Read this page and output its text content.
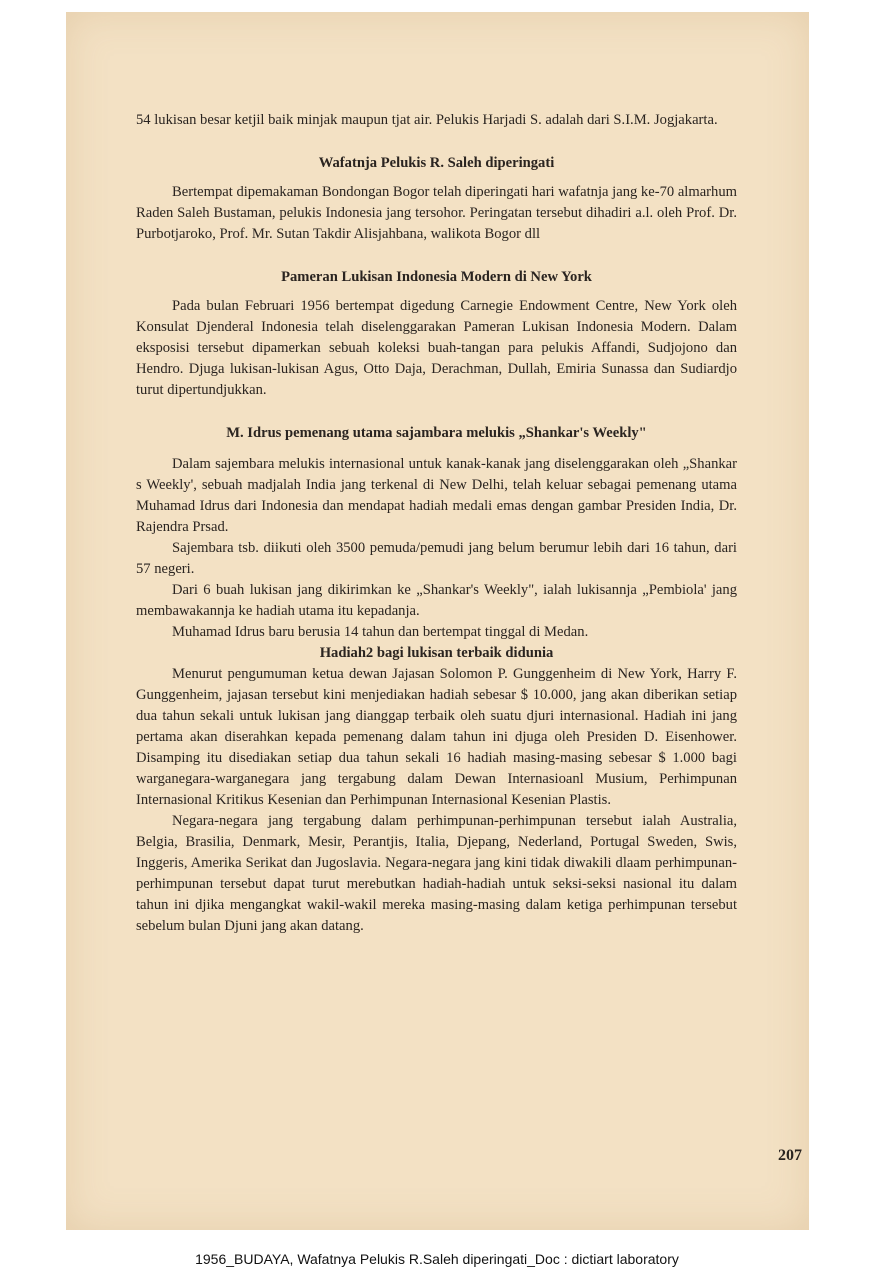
54 lukisan besar ketjil baik minjak maupun tjat air. Pelukis Harjadi S. adalah dari S.I.M. Jogjakarta.

Wafatnja Pelukis R. Saleh diperingati

Bertempat dipemakaman Bondongan Bogor telah diperingati hari wafatnja jang ke-70 almarhum Raden Saleh Bustaman, pelukis Indonesia jang tersohor. Peringatan tersebut dihadiri a.l. oleh Prof. Dr. Purbotjaroko, Prof. Mr. Sutan Takdir Alisjahbana, walikota Bogor dll

Pameran Lukisan Indonesia Modern di New York

Pada bulan Februari 1956 bertempat digedung Carnegie Endowment Centre, New York oleh Konsulat Djenderal Indonesia telah diselenggarakan Pameran Lukisan Indonesia Modern. Dalam eksposisi tersebut dipamerkan sebuah koleksi buah-tangan para pelukis Affandi, Sudjojono dan Hendro. Djuga lukisan-lukisan Agus, Otto Daja, Derachman, Dullah, Emiria Sunassa dan Sudiardjo turut dipertundjukkan.

M. Idrus pemenang utama sajambara melukis „Shankar's Weekly"

Dalam sajembara melukis internasional untuk kanak-kanak jang diselenggarakan oleh „Shankar s Weekly', sebuah madjalah India jang terkenal di New Delhi, telah keluar sebagai pemenang utama Muhamad Idrus dari Indonesia dan mendapat hadiah medali emas dengan gambar Presiden India, Dr. Rajendra Prsad.

Sajembara tsb. diikuti oleh 3500 pemuda/pemudi jang belum berumur lebih dari 16 tahun, dari 57 negeri.

Dari 6 buah lukisan jang dikirimkan ke „Shankar's Weekly", ialah lukisannja „Pembiola' jang membawakannja ke hadiah utama itu kepadanja.

Muhamad Idrus baru berusia 14 tahun dan bertempat tinggal di Medan.

Hadiah2 bagi lukisan terbaik didunia

Menurut pengumuman ketua dewan Jajasan Solomon P. Gunggenheim di New York, Harry F. Gunggenheim, jajasan tersebut kini menjediakan hadiah sebesar $ 10.000, jang akan diberikan setiap dua tahun sekali untuk lukisan jang dianggap terbaik oleh suatu djuri internasional. Hadiah ini jang pertama akan diserahkan kepada pemenang dalam tahun ini djuga oleh Presiden D. Eisenhower. Disamping itu disediakan setiap dua tahun sekali 16 hadiah masing-masing sebesar $ 1.000 bagi warganegara-warganegara jang tergabung dalam Dewan Internasioanl Musium, Perhimpunan Internasional Kritikus Kesenian dan Perhimpunan Internasional Kesenian Plastis.

Negara-negara jang tergabung dalam perhimpunan-perhimpunan tersebut ialah Australia, Belgia, Brasilia, Denmark, Mesir, Perantjis, Italia, Djepang, Nederland, Portugal Sweden, Swis, Inggeris, Amerika Serikat dan Jugoslavia. Negara-negara jang kini tidak diwakili dlaam perhimpunan-perhimpunan tersebut dapat turut merebutkan hadiah-hadiah untuk seksi-seksi nasional itu dalam tahun ini djika mengangkat wakil-wakil mereka masing-masing dalam ketiga perhimpunan tersebut sebelum bulan Djuni jang akan datang.

207
1956_BUDAYA, Wafatnya Pelukis R.Saleh diperingati_Doc : dictiart laboratory
